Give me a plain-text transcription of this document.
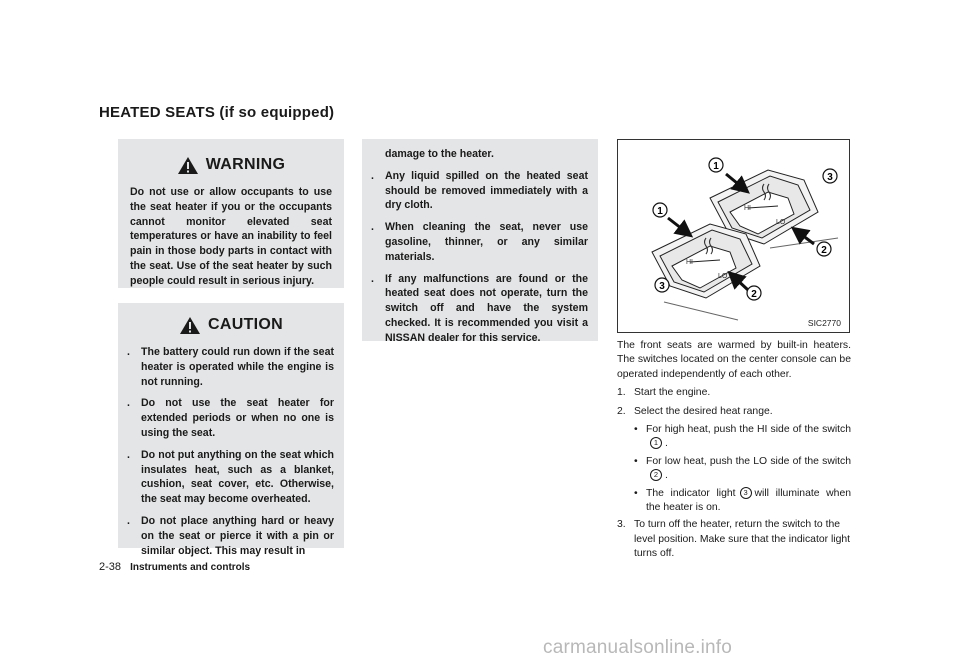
HEATED SEATS (if so equipped)
WARNING

Do not use or allow occupants to use the seat heater if you or the occupants cannot monitor elevated seat temperatures or have an inability to feel pain in those body parts in contact with the seat. Use of the seat heater by such people could result in serious injury.

CAUTION
. The battery could run down if the seat heater is operated while the engine is not running.
. Do not use the seat heater for extended periods or when no one is using the seat.
. Do not put anything on the seat which insulates heat, such as a blanket, cushion, seat cover, etc. Otherwise, the seat may become overheated.
. Do not place anything hard or heavy on the seat or pierce it with a pin or similar object. This may result in
damage to the heater.
. Any liquid spilled on the heated seat should be removed immediately with a dry cloth.
. When cleaning the seat, never use gasoline, thinner, or any similar materials.
. If any malfunctions are found or the heated seat does not operate, turn the switch off and have the system checked. It is recommended you visit a NISSAN dealer for this service.
HI
LO
HI
LO
1
3
2
1
3
2
SIC2770

The front seats are warmed by built-in heaters. The switches located on the center console can be operated independently of each other.

1. Start the engine.
2. Select the desired heat range.
• For high heat, push the HI side of the switch1 .
• For low heat, push the LO side of the switch2 .
• The indicator light 3 will illuminate when the heater is on.
3. To turn off the heater, return the switch to the level position. Make sure that the indicator light turns off.
2-38 Instruments and controls
carmanualsonline.info
